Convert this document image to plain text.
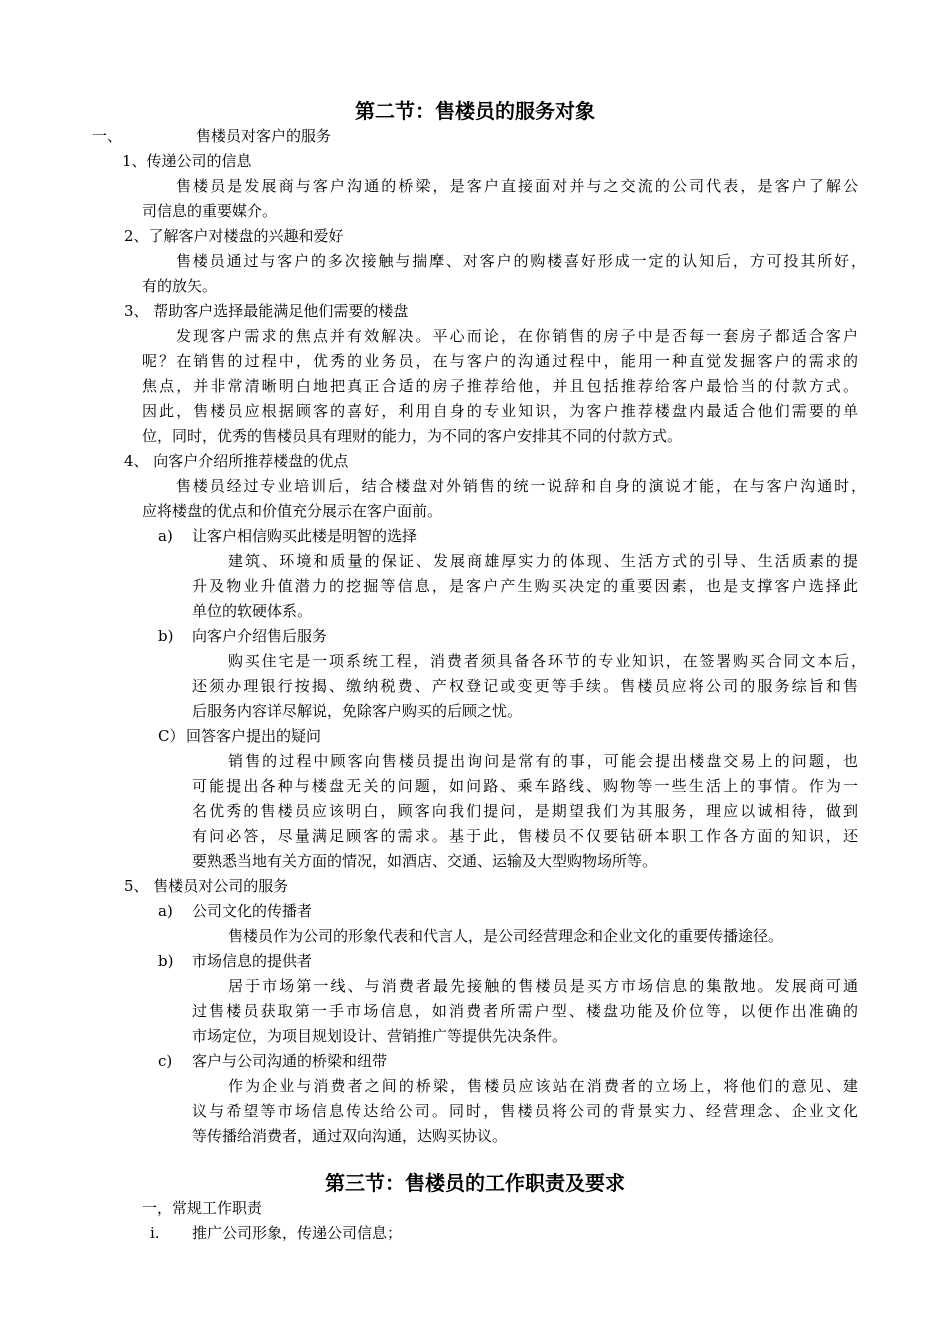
第二节：售楼员的服务对象
一、	售楼员对客户的服务
1、传递公司的信息
售楼员是发展商与客户沟通的桥梁，是客户直接面对并与之交流的公司代表，是客户了解公
司信息的重要媒介。
2、了解客户对楼盘的兴趣和爱好
售楼员通过与客户的多次接触与揣摩、对客户的购楼喜好形成一定的认知后，方可投其所好，
有的放矢。
3、 帮助客户选择最能满足他们需要的楼盘
发现客户需求的焦点并有效解决。平心而论，在你销售的房子中是否每一套房子都适合客户
呢？在销售的过程中，优秀的业务员，在与客户的沟通过程中，能用一种直觉发掘客户的需求的
焦点，并非常清晰明白地把真正合适的房子推荐给他，并且包括推荐给客户最恰当的付款方式。
因此，售楼员应根据顾客的喜好，利用自身的专业知识，为客户推荐楼盘内最适合他们需要的单
位，同时，优秀的售楼员具有理财的能力，为不同的客户安排其不同的付款方式。
4、 向客户介绍所推荐楼盘的优点
售楼员经过专业培训后，结合楼盘对外销售的统一说辞和自身的演说才能，在与客户沟通时，
应将楼盘的优点和价值充分展示在客户面前。
a) 让客户相信购买此楼是明智的选择
建筑、环境和质量的保证、发展商雄厚实力的体现、生活方式的引导、生活质素的提
升及物业升值潜力的挖掘等信息，是客户产生购买决定的重要因素，也是支撑客户选择此
单位的软硬体系。
b) 向客户介绍售后服务
购买住宅是一项系统工程，消费者须具备各环节的专业知识，在签署购买合同文本后，
还须办理银行按揭、缴纳税费、产权登记或变更等手续。售楼员应将公司的服务综旨和售
后服务内容详尽解说，免除客户购买的后顾之忧。
C） 回答客户提出的疑问
销售的过程中顾客向售楼员提出询问是常有的事，可能会提出楼盘交易上的问题，也
可能提出各种与楼盘无关的问题，如问路、乘车路线、购物等一些生活上的事情。作为一
名优秀的售楼员应该明白，顾客向我们提问，是期望我们为其服务，理应以诚相待，做到
有问必答，尽量满足顾客的需求。基于此，售楼员不仅要钻研本职工作各方面的知识，还
要熟悉当地有关方面的情况，如酒店、交通、运输及大型购物场所等。
5、 售楼员对公司的服务
a) 公司文化的传播者
售楼员作为公司的形象代表和代言人，是公司经营理念和企业文化的重要传播途径。
b) 市场信息的提供者
居于市场第一线、与消费者最先接触的售楼员是买方市场信息的集散地。发展商可通
过售楼员获取第一手市场信息，如消费者所需户型、楼盘功能及价位等，以便作出准确的
市场定位，为项目规划设计、营销推广等提供先决条件。
c) 客户与公司沟通的桥梁和纽带
作为企业与消费者之间的桥梁，售楼员应该站在消费者的立场上，将他们的意见、建
议与希望等市场信息传达给公司。同时，售楼员将公司的背景实力、经营理念、企业文化
等传播给消费者，通过双向沟通，达购买协议。
第三节：售楼员的工作职责及要求
一，常规工作职责
i. 推广公司形象，传递公司信息；
